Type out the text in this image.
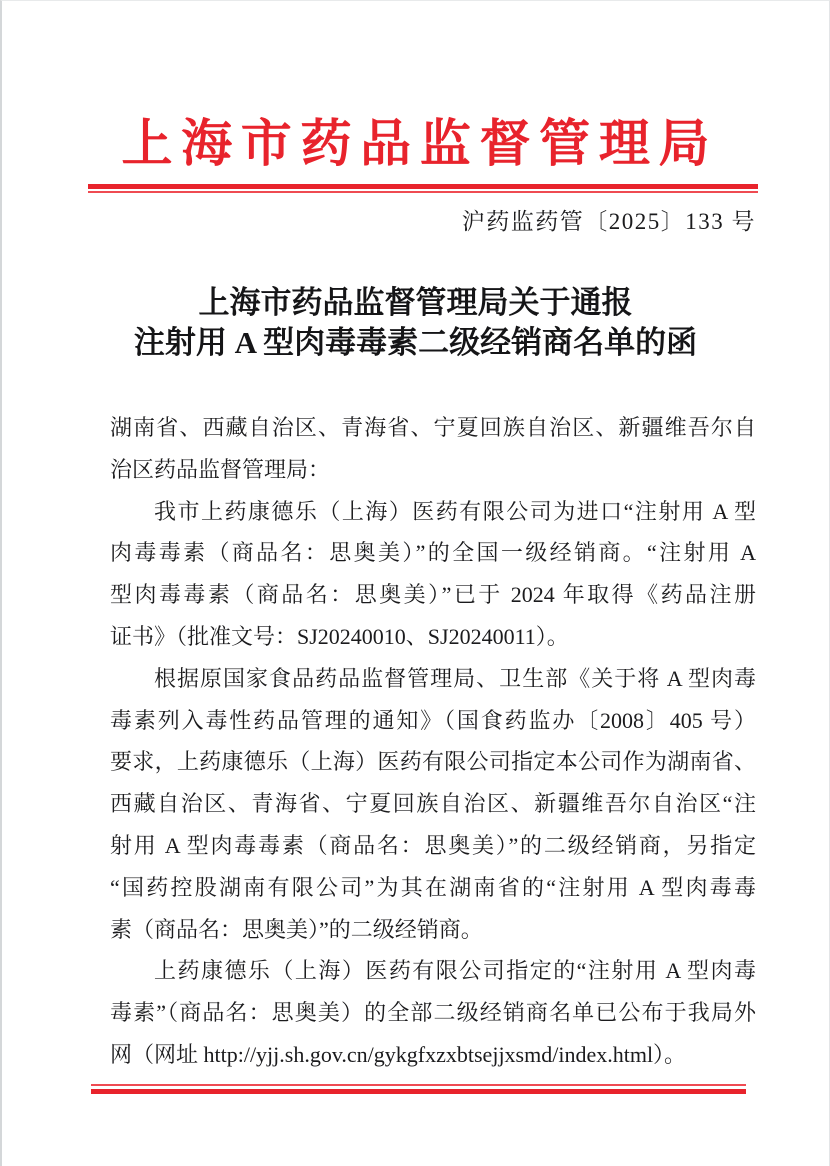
上海市药品监督管理局
沪药监药管〔2025〕133 号
上海市药品监督管理局关于通报
注射用 A 型肉毒毒素二级经销商名单的函
湖南省、西藏自治区、青海省、宁夏回族自治区、新疆维吾尔自
治区药品监督管理局：
我市上药康德乐（上海）医药有限公司为进口“注射用 A 型
肉毒毒素（商品名：思奥美）”的全国一级经销商。“注射用 A
型肉毒毒素（商品名：思奥美）”已于 2024 年取得《药品注册
证书》（批准文号：SJ20240010、SJ20240011）。
根据原国家食品药品监督管理局、卫生部《关于将 A 型肉毒
毒素列入毒性药品管理的通知》（国食药监办〔2008〕405 号）
要求，上药康德乐（上海）医药有限公司指定本公司作为湖南省、
西藏自治区、青海省、宁夏回族自治区、新疆维吾尔自治区“注
射用 A 型肉毒毒素（商品名：思奥美）”的二级经销商，另指定
“国药控股湖南有限公司”为其在湖南省的“注射用 A 型肉毒毒
素（商品名：思奥美）”的二级经销商。
上药康德乐（上海）医药有限公司指定的“注射用 A 型肉毒
毒素”（商品名：思奥美）的全部二级经销商名单已公布于我局外
网（网址 http://yjj.sh.gov.cn/gykgfxzxbtsejjxsmd/index.html）。
